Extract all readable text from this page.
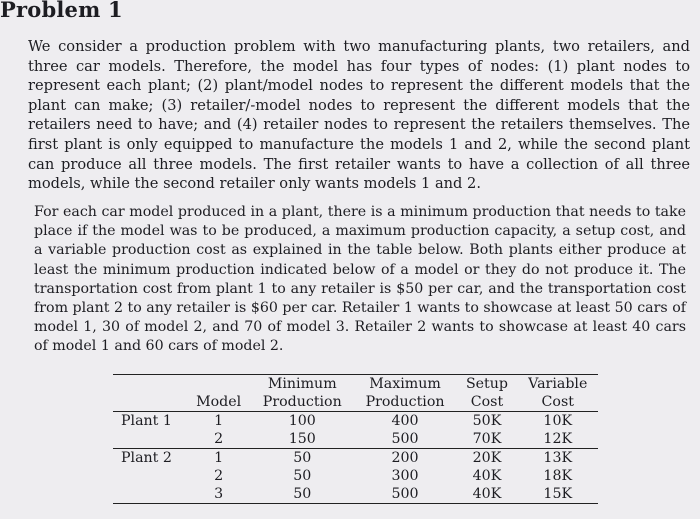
Problem 1

We consider a production problem with two manufacturing plants, two retailers, and three car models. Therefore, the model has four types of nodes: (1) plant nodes to represent each plant; (2) plant/model nodes to represent the different models that the plant can make; (3) retailer/-model nodes to represent the different models that the retailers need to have; and (4) retailer nodes to represent the retailers themselves. The first plant is only equipped to manufacture the models 1 and 2, while the second plant can produce all three models. The first retailer wants to have a collection of all three models, while the second retailer only wants models 1 and 2.

For each car model produced in a plant, there is a minimum production that needs to take place if the model was to be produced, a maximum production capacity, a setup cost, and a variable production cost as explained in the table below. Both plants either produce at least the minimum production indicated below of a model or they do not produce it. The transportation cost from plant 1 to any retailer is $50 per car, and the transportation cost from plant 2 to any retailer is $60 per car. Retailer 1 wants to showcase at least 50 cars of model 1, 30 of model 2, and 70 of model 3. Retailer 2 wants to showcase at least 40 cars of model 1 and 60 cars of model 2.

		Minimum	Maximum	Setup	Variable
	Model	Production	Production	Cost	Cost
Plant 1	1	100	400	50K	10K
	2	150	500	70K	12K
Plant 2	1	50	200	20K	13K
	2	50	300	40K	18K
	3	50	500	40K	15K
